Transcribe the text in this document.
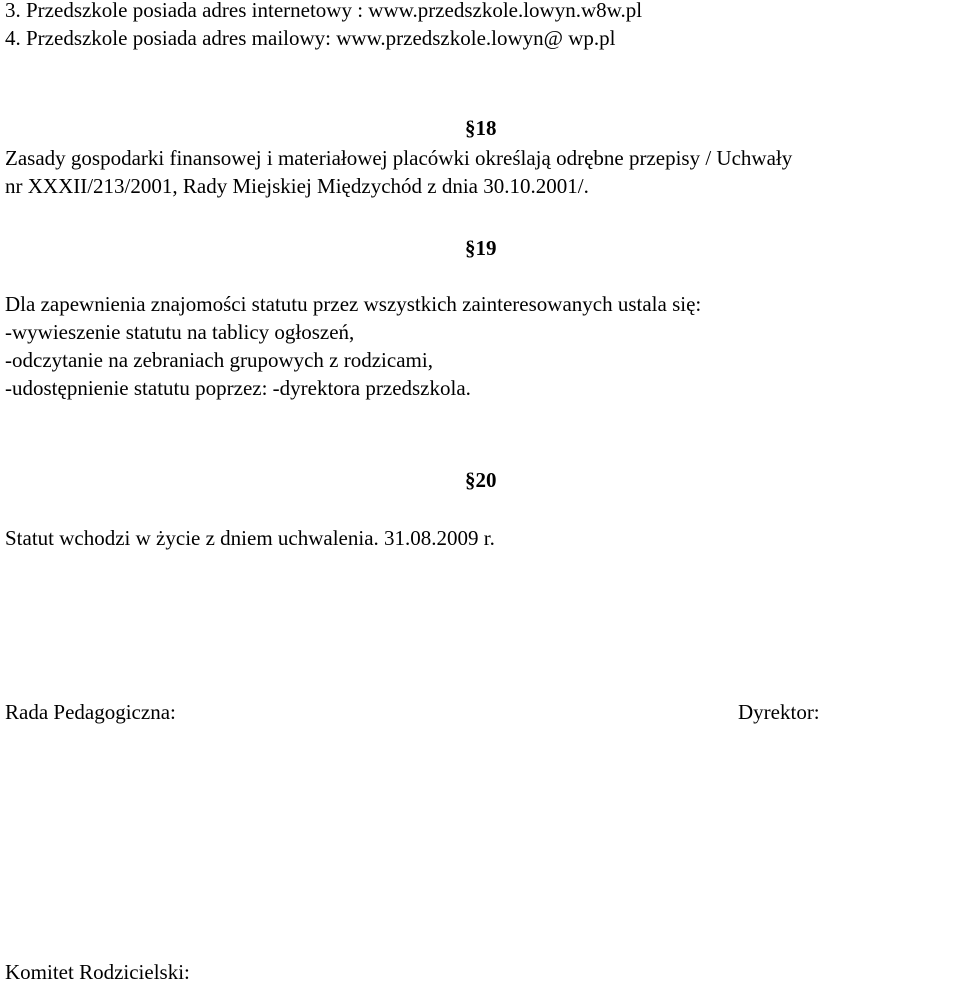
3. Przedszkole posiada adres internetowy : www.przedszkole.lowyn.w8w.pl
4. Przedszkole posiada adres mailowy: www.przedszkole.lowyn@ wp.pl
§18
Zasady gospodarki finansowej i materiałowej placówki określają odrębne przepisy / Uchwały
nr XXXII/213/2001, Rady Miejskiej Międzychód z dnia 30.10.2001/.
§19
Dla zapewnienia znajomości statutu przez wszystkich zainteresowanych ustala się:
-wywieszenie statutu na tablicy ogłoszeń,
-odczytanie na zebraniach grupowych z rodzicami,
-udostępnienie statutu poprzez: -dyrektora przedszkola.
§20
Statut wchodzi w życie z dniem uchwalenia. 31.08.2009 r.
Rada Pedagogiczna:	Dyrektor:
Komitet Rodzicielski:
